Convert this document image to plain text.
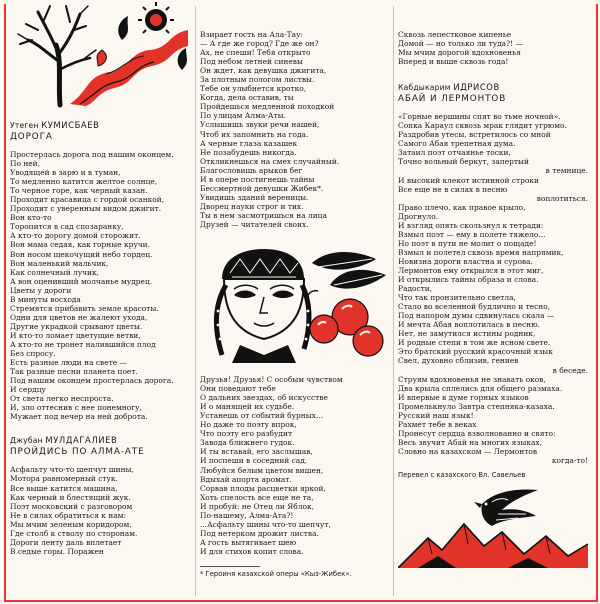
Утеген КУМИСБАЕВ

ДОРОГА

Простерлась дорога под нашим оконцем.
По ней,
Уводящей в зарю и в туман,
То медленно катится желтое солнце,
То черное горе, как черный казан.
Проходит красавица с гордой осанкой,
Проходит с уверенным видом джигит.
Вон кто-то
Торопится в сад спозаранку,
А кто-то дорогу домой сторожит.
Вон мама седая, как горные кручи.
Вон носом щекочущий небо гордец.
Вон маленький мальчик,
Как солнечный лучик,
А вон оценивший молчанье мудрец.
Цветы у дороги
В минуты восхода
Стремятся прибавить земле красоты.
Одни для цветов не жалеют ухода,
Другие украдкой срывают цветы.
И кто-то ломает цветущие ветви,
А кто-то не тронет налившийся плод
Без спросу.
Есть разные люди на свете —
Так разные песни планета поет.
Под нашим оконцем простерлась дорога.
И сердцу
От света легко неспроста.
И, зло оттеснив с нее понемногу,
Мужает под вечер на ней доброта.

Джубан МУЛДАГАЛИЕВ

ПРОЙДИСЬ ПО АЛМА-АТЕ

Асфальту что-то шепчут шины,
Мотора равномерный стук.
Все выше катится машина,
Как черный и блестящий жук.
Поэт московский с разговором
Не в силах обратиться к нам:
Мы мчим зеленым коридором,
Где столб к стволу по сторонам.
Дороги ленту даль вплетает
В седые горы. Поражен
Взирает гость на Ала-Тау:
— А где же город? Где же он?
Ах, не спеши! Тебя открыто
Под небом летней синевы
Он ждет, как девушка джигита,
За плотным пологом листвы.
Тебе он улыбнется кротко,
Когда, дела оставив, ты
Пройдешься медленной походкой
По улицам Алма-Аты.
Услышишь звуки речи нашей,
Чтоб их запомнить на года.
А черные глаза казашек
Не позабудешь никогда.
Откликнешься на смех случайный.
Благословишь арыков бег
И в опере постигнешь тайны
Бессмертной девушки Жибек*.
Увидишь зданий вереницы.
Дворец науки строг и тих.
Ты в нем засмотришься на лица
Друзей — читателей своих.
Друзья! Друзья! С особым чувством
Они поведают тебе
О дальних звездах, об искусстве
И о манящей их судьбе.
Устанешь от событий бурных...
Но даже то поэту впрок,
Что поэту его разбудит
Завода ближнего гудок.
И ты вставай, его заслышав,
И поспеши в соседний сад.
Любуйся белым цветом вишен,
Вдыхай апорта аромат.
Сорвав плоды расцветки яркой,
Хоть спелость все еще не та,
И пробуй: не Отец ли Яблок,
По-нашему, Алма-Ата?!
...Асфальту шины что-то шепчут,
Под нетерком дрожит листва.
А гость вытягивает шею
И для стихов копит слова.
* Героиня казахской оперы «Кыз-Жибек».
Сквозь лепестковое кипенье
Домой — но только ли туда?! —
Мы мчим дорогой вдохновенья
Вперед и выше сквозь года!

Кабдыкарим ИДРИСОВ

АБАЙ И ЛЕРМОНТОВ

«Горные вершины спят во тьме ночной».
Сопка Караул сквозь мрак глядит угрюмо.
Раздробив утесы, встретилось со мной
Самого Абая трепетная дума.
Затаил поэт отчаянье тоски,
Точно вольный беркут, запертый
в темнице.
И высокий клекот истинной строки
Все еще не в силах в песню
воплотиться.
Право плечо, как правое крыло,
Дрогнуло.
И взгляд опять скользнул к тетради:
Взмыл поэт — ему в полете тяжело...
Но поэт в пути не молит о пощаде!
Взмыл и полетел сквозь время напрямик,
Новизна дороги властна и сурова.
Лермонтов ему открылся в этот миг,
И открылись тайны образа и слова.
Радости,
Что так пронзительно светла,
Стало во вселенной будлично и тесно,
Под напором думы сдвинулась скала —
И мечта Абая воплотилась в песню.
Нет, не замутился истины родник,
И родные степи в том же ясном свете.
Это братский русский красочный язык
Свел, духовно сблизив, гениев
в беседе.
Струям вдохновенья не знавать оков,
Два крыла сплелись для общего размаха.
И впервые в думе горных языков
Промелькнуло Завтра степняка-казаха.
Русский наш язык!
Рахмет тебе в веках
Пронесут сердца взволнованно и свято:
Весь звучит Абай на многих языках,
Словно на казахском — Лермонтов
когда-то!
Перевел с казахского Вл. Савельев
